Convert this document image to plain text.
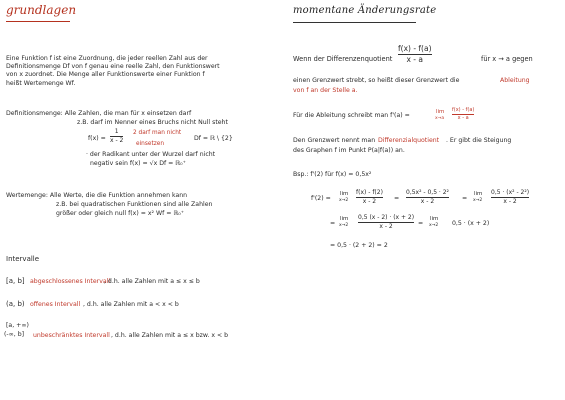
grundlagen
Eine Funktion f ist eine Zuordnung, die jeder reellen Zahl aus der
Definitionsmenge Df von f genau eine reelle Zahl, den Funktionswert
von x zuordnet. Die Menge aller Funktionswerte einer Funktion f
heißt Wertemenge Wf.
Definitionsmenge: Alle Zahlen, die man für x einsetzen darf
z.B. darf im Nenner eines Bruchs nicht Null steht
f(x) =
1
x - 2
2 darf man nicht
einsetzen
Df = ℝ \ {2}
· der Radikant unter der Wurzel darf nicht
negativ sein f(x) = √x Df = ℝ₀⁺
Wertemenge: Alle Werte, die die Funktion annehmen kann
z.B. bei quadratischen Funktionen sind alle Zahlen
größer oder gleich null f(x) = x² Wf = ℝ₀⁺
Intervalle
[a, b] abgeschlossenes Intervall
, d.h. alle Zahlen mit a ≤ x ≤ b
(a, b) offenes Intervall , d.h. alle Zahlen mit a < x < b
[a, +∞)
(-∞, b] unbeschränktes Intervall , d.h. alle Zahlen mit a ≤ x bzw. x < b
momentane Änderungsrate
Wenn der Differenzenquotient
f(x) - f(a)
x - a	für x → a gegen
einen Grenzwert strebt, so heißt dieser Grenzwert die	Ableitung
von f an der Stelle a.
Für die Ableitung schreibt man f'(a) =	lim
x→a
f(x) - f(a)
x - a
Den Grenzwert nennt man Differenzialquotient . Er gibt die Steigung
des Graphen f im Punkt P(a|f(a)) an.
Bsp.: f'(2) für f(x) = 0,5x²
f'(2) =
lim
x→2
f(x) - f(2)
x - 2	=
0,5x² - 0,5 · 2²
x - 2	=
lim
x→2
0,5 · (x² - 2²)
x - 2
=
lim
x→2
0,5 (x - 2) · (x + 2)
x - 2	=
lim
x→2 0,5 · (x + 2)
= 0,5 · (2 + 2) = 2
